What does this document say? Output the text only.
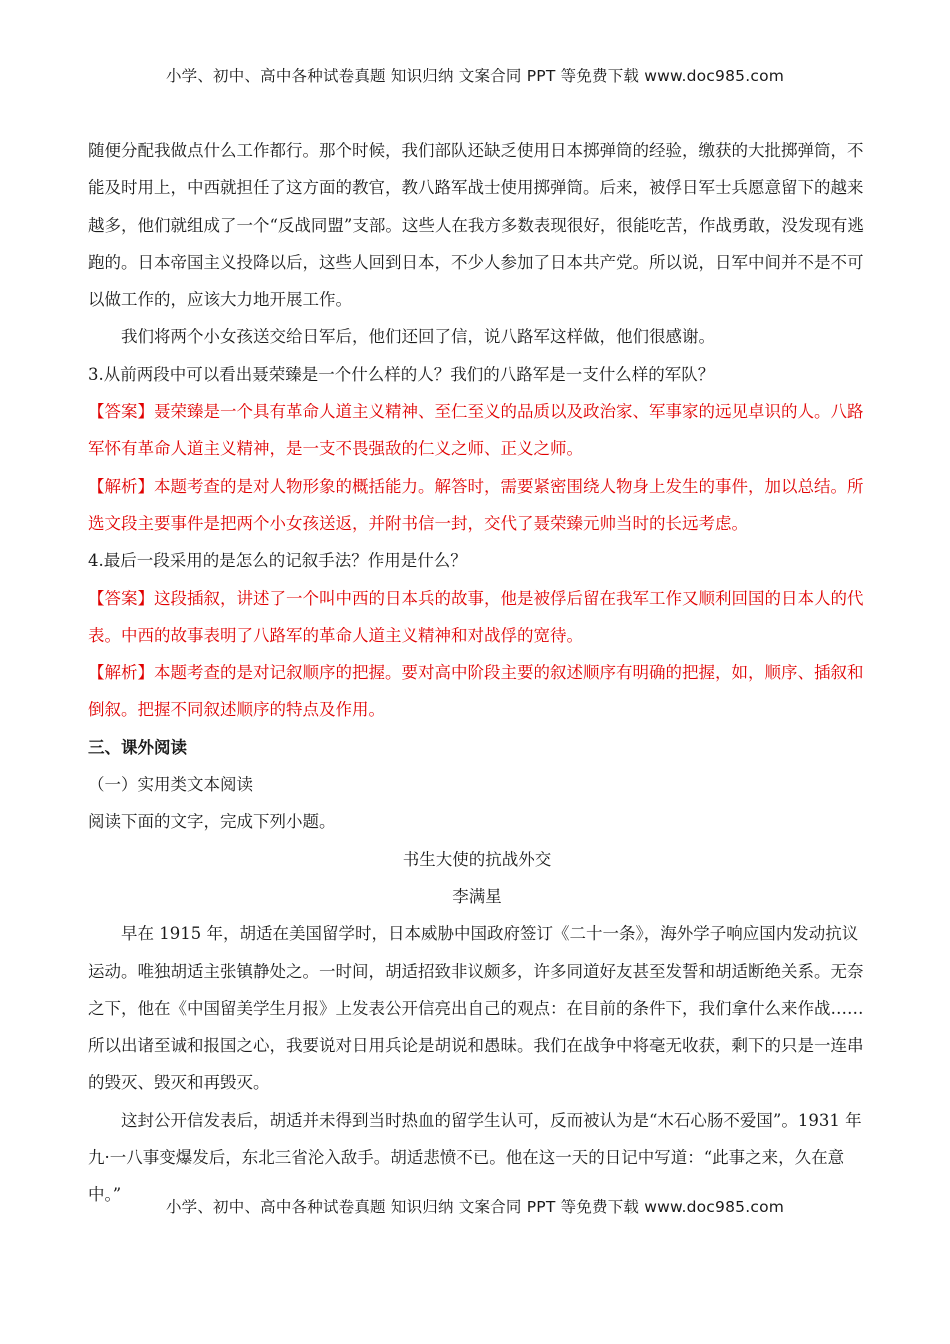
小学、初中、高中各种试卷真题 知识归纳 文案合同 PPT 等免费下载 www.doc985.com

随便分配我做点什么工作都行。那个时候，我们部队还缺乏使用日本掷弹筒的经验，缴获的大批掷弹筒，不能及时用上，中西就担任了这方面的教官，教八路军战士使用掷弹筒。后来，被俘日军士兵愿意留下的越来越多，他们就组成了一个“反战同盟”支部。这些人在我方多数表现很好，很能吃苦，作战勇敢，没发现有逃跑的。日本帝国主义投降以后，这些人回到日本，不少人参加了日本共产党。所以说，日军中间并不是不可以做工作的，应该大力地开展工作。

我们将两个小女孩送交给日军后，他们还回了信，说八路军这样做，他们很感谢。

3.从前两段中可以看出聂荣臻是一个什么样的人？我们的八路军是一支什么样的军队？

【答案】聂荣臻是一个具有革命人道主义精神、至仁至义的品质以及政治家、军事家的远见卓识的人。八路军怀有革命人道主义精神，是一支不畏强敌的仁义之师、正义之师。

【解析】本题考查的是对人物形象的概括能力。解答时，需要紧密围绕人物身上发生的事件，加以总结。所选文段主要事件是把两个小女孩送返，并附书信一封，交代了聂荣臻元帅当时的长远考虑。

4.最后一段采用的是怎么的记叙手法？作用是什么？

【答案】这段插叙，讲述了一个叫中西的日本兵的故事，他是被俘后留在我军工作又顺利回国的日本人的代表。中西的故事表明了八路军的革命人道主义精神和对战俘的宽待。

【解析】本题考查的是对记叙顺序的把握。要对高中阶段主要的叙述顺序有明确的把握，如，顺序、插叙和倒叙。把握不同叙述顺序的特点及作用。

三、课外阅读

（一）实用类文本阅读

阅读下面的文字，完成下列小题。

书生大使的抗战外交

李满星

早在 1915 年，胡适在美国留学时，日本威胁中国政府签订《二十一条》，海外学子响应国内发动抗议运动。唯独胡适主张镇静处之。一时间，胡适招致非议颇多，许多同道好友甚至发誓和胡适断绝关系。无奈之下，他在《中国留美学生月报》上发表公开信亮出自己的观点：在目前的条件下，我们拿什么来作战……所以出诸至诚和报国之心，我要说对日用兵论是胡说和愚昧。我们在战争中将毫无收获，剩下的只是一连串的毁灭、毁灭和再毁灭。

这封公开信发表后，胡适并未得到当时热血的留学生认可，反而被认为是“木石心肠不爱国”。1931 年九·一八事变爆发后，东北三省沦入敌手。胡适悲愤不已。他在这一天的日记中写道：“此事之来，久在意中。”

小学、初中、高中各种试卷真题 知识归纳 文案合同 PPT 等免费下载 www.doc985.com
